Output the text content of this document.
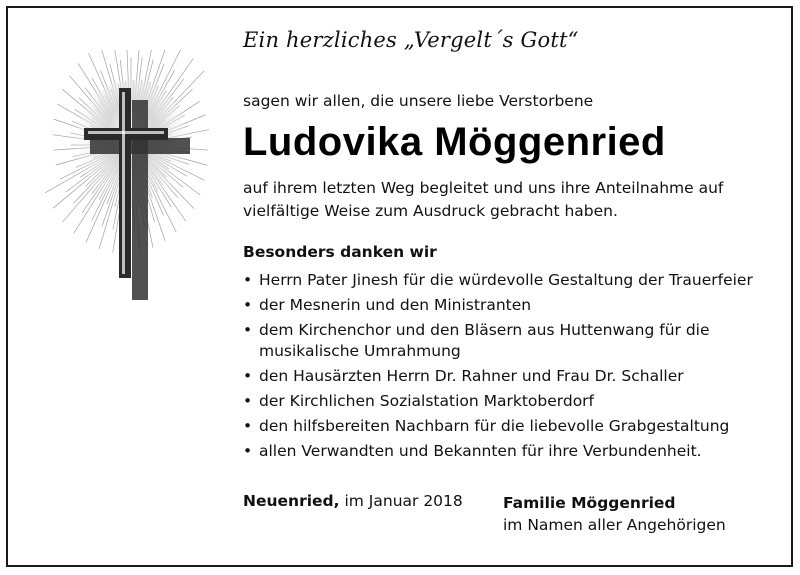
Ein herzliches „Vergelt´s Gott“
sagen wir allen, die unsere liebe Verstorbene
Ludovika Möggenried
auf ihrem letzten Weg begleitet und uns ihre Anteilnahme auf
vielfältige Weise zum Ausdruck gebracht haben.
Besonders danken wir
• Herrn Pater Jinesh für die würdevolle Gestaltung der Trauerfeier
• der Mesnerin und den Ministranten
• dem Kirchenchor und den Bläsern aus Huttenwang für die musikalische Umrahmung
• den Hausärzten Herrn Dr. Rahner und Frau Dr. Schaller
• der Kirchlichen Sozialstation Marktoberdorf
• den hilfsbereiten Nachbarn für die liebevolle Grabgestaltung
• allen Verwandten und Bekannten für ihre Verbundenheit.
Neuenried, im Januar 2018	Familie Möggenried
im Namen aller Angehörigen
